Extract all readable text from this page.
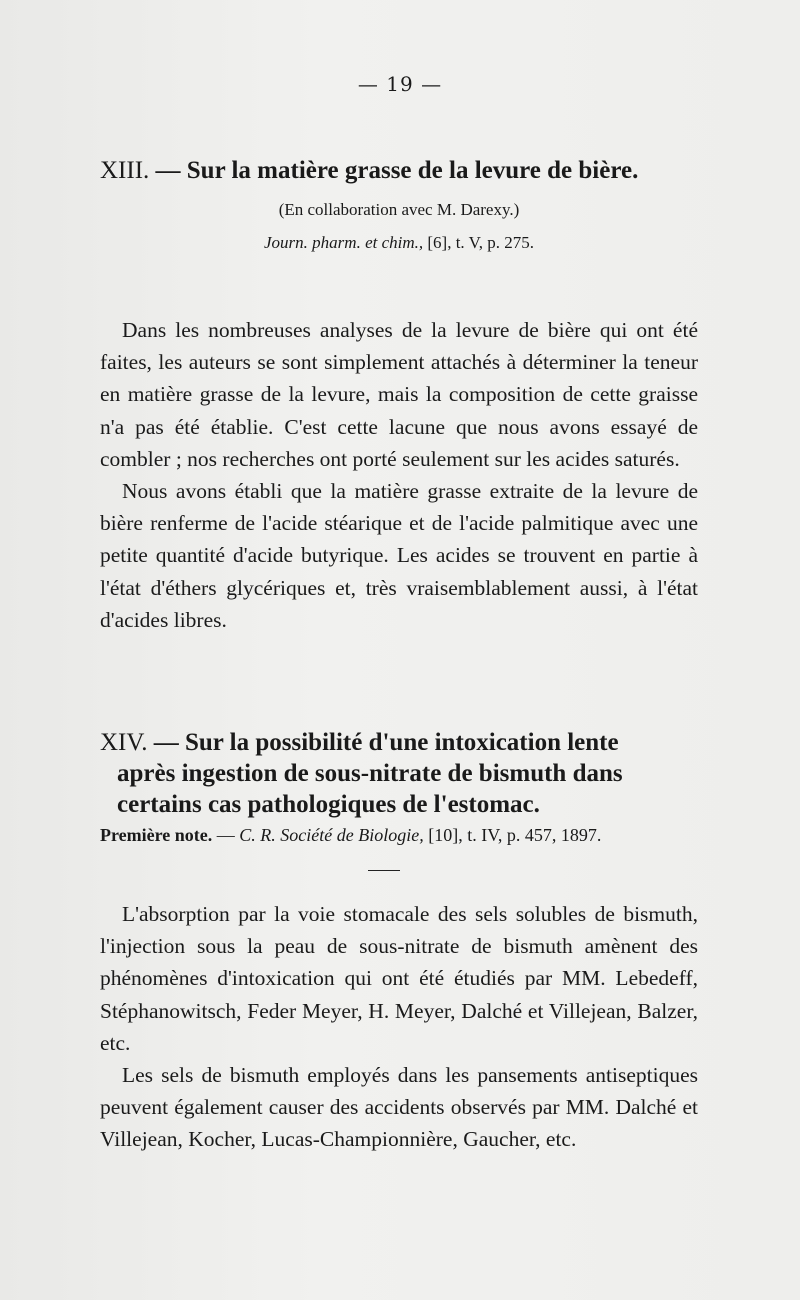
— 19 —
XIII. — Sur la matière grasse de la levure de bière.
(En collaboration avec M. Darexy.)
Journ. pharm. et chim., [6], t. V, p. 275.

Dans les nombreuses analyses de la levure de bière qui ont été faites, les auteurs se sont simplement attachés à déterminer la teneur en matière grasse de la levure, mais la composition de cette graisse n'a pas été établie. C'est cette lacune que nous avons essayé de combler ; nos recherches ont porté seulement sur les acides saturés.

Nous avons établi que la matière grasse extraite de la levure de bière renferme de l'acide stéarique et de l'acide palmitique avec une petite quantité d'acide butyrique. Les acides se trouvent en partie à l'état d'éthers glycériques et, très vraisemblablement aussi, à l'état d'acides libres.

XIV. — Sur la possibilité d'une intoxication lente
après ingestion de sous-nitrate de bismuth dans certains cas pathologiques de l'estomac.
Première note. — C. R. Société de Biologie, [10], t. IV, p. 457, 1897.

L'absorption par la voie stomacale des sels solubles de bismuth, l'injection sous la peau de sous-nitrate de bismuth amènent des phénomènes d'intoxication qui ont été étudiés par MM. Lebedeff, Stéphanowitsch, Feder Meyer, H. Meyer, Dalché et Villejean, Balzer, etc.

Les sels de bismuth employés dans les pansements antiseptiques peuvent également causer des accidents observés par MM. Dalché et Villejean, Kocher, Lucas-Championnière, Gaucher, etc.
